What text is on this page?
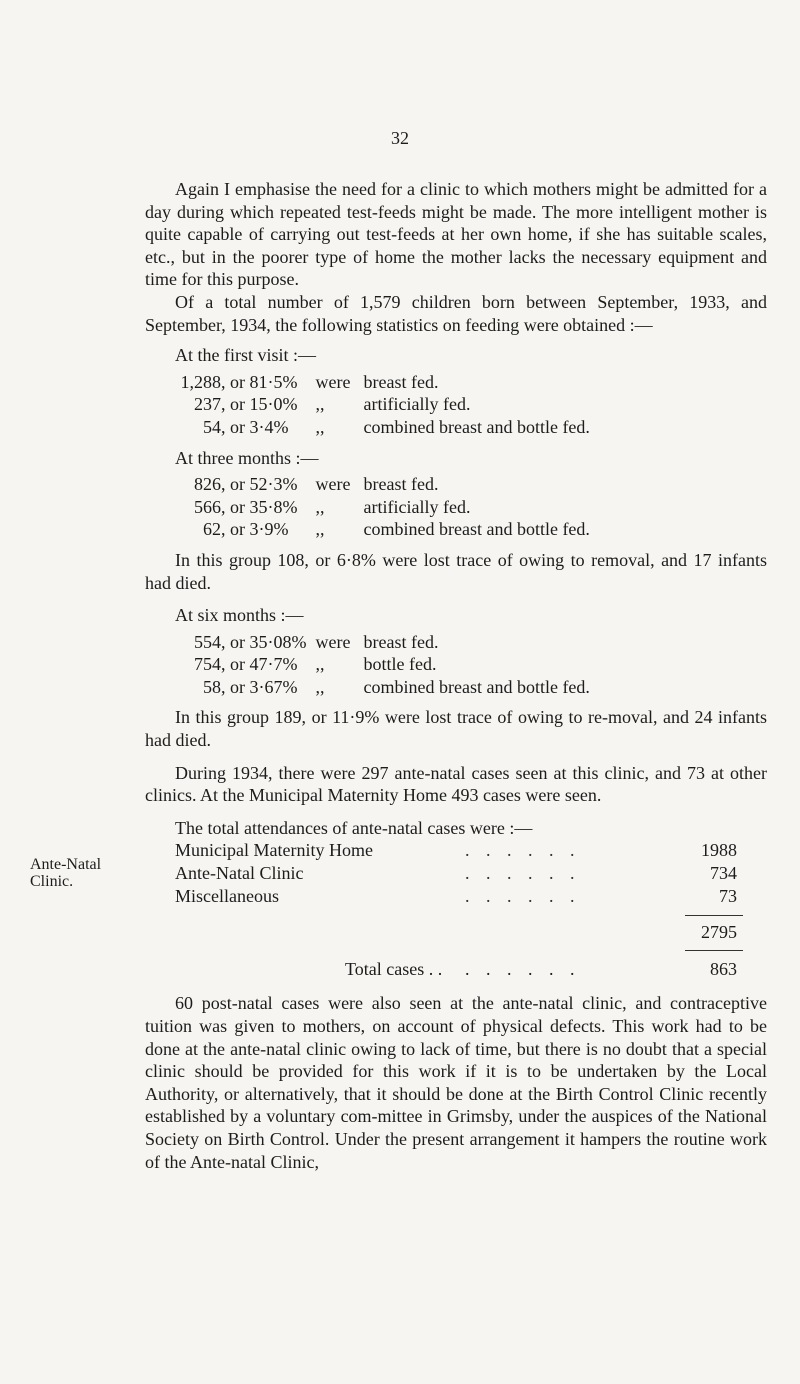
32
Ante-Natal Clinic.

Again I emphasise the need for a clinic to which mothers might be admitted for a day during which repeated test-feeds might be made. The more intelligent mother is quite capable of carrying out test-feeds at her own home, if she has suitable scales, etc., but in the poorer type of home the mother lacks the necessary equipment and time for this purpose.

Of a total number of 1,579 children born between September, 1933, and September, 1934, the following statistics on feeding were obtained :—

At the first visit :—
1,288, or 81·5% were breast fed.
237, or 15·0% ,, artificially fed.
54, or 3·4% ,, combined breast and bottle fed.
At three months :—
826, or 52·3% were breast fed.
566, or 35·8% ,, artificially fed.
62, or 3·9% ,, combined breast and bottle fed.

In this group 108, or 6·8% were lost trace of owing to removal, and 17 infants had died.

At six months :—
554, or 35·08% were breast fed.
754, or 47·7% ,, bottle fed.
58, or 3·67% ,, combined breast and bottle fed.

In this group 189, or 11·9% were lost trace of owing to re-moval, and 24 infants had died.

During 1934, there were 297 ante-natal cases seen at this clinic, and 73 at other clinics. At the Municipal Maternity Home 493 cases were seen.

The total attendances of ante-natal cases were :—
Municipal Maternity Home	. . . . . .	1988
Ante-Natal Clinic	. . . . . .	734
Miscellaneous	. . . . . .	73
2795
Total cases . . . . . . . .	863

60 post-natal cases were also seen at the ante-natal clinic, and contraceptive tuition was given to mothers, on account of physical defects. This work had to be done at the ante-natal clinic owing to lack of time, but there is no doubt that a special clinic should be provided for this work if it is to be undertaken by the Local Authority, or alternatively, that it should be done at the Birth Control Clinic recently established by a voluntary com-mittee in Grimsby, under the auspices of the National Society on Birth Control. Under the present arrangement it hampers the routine work of the Ante-natal Clinic,
